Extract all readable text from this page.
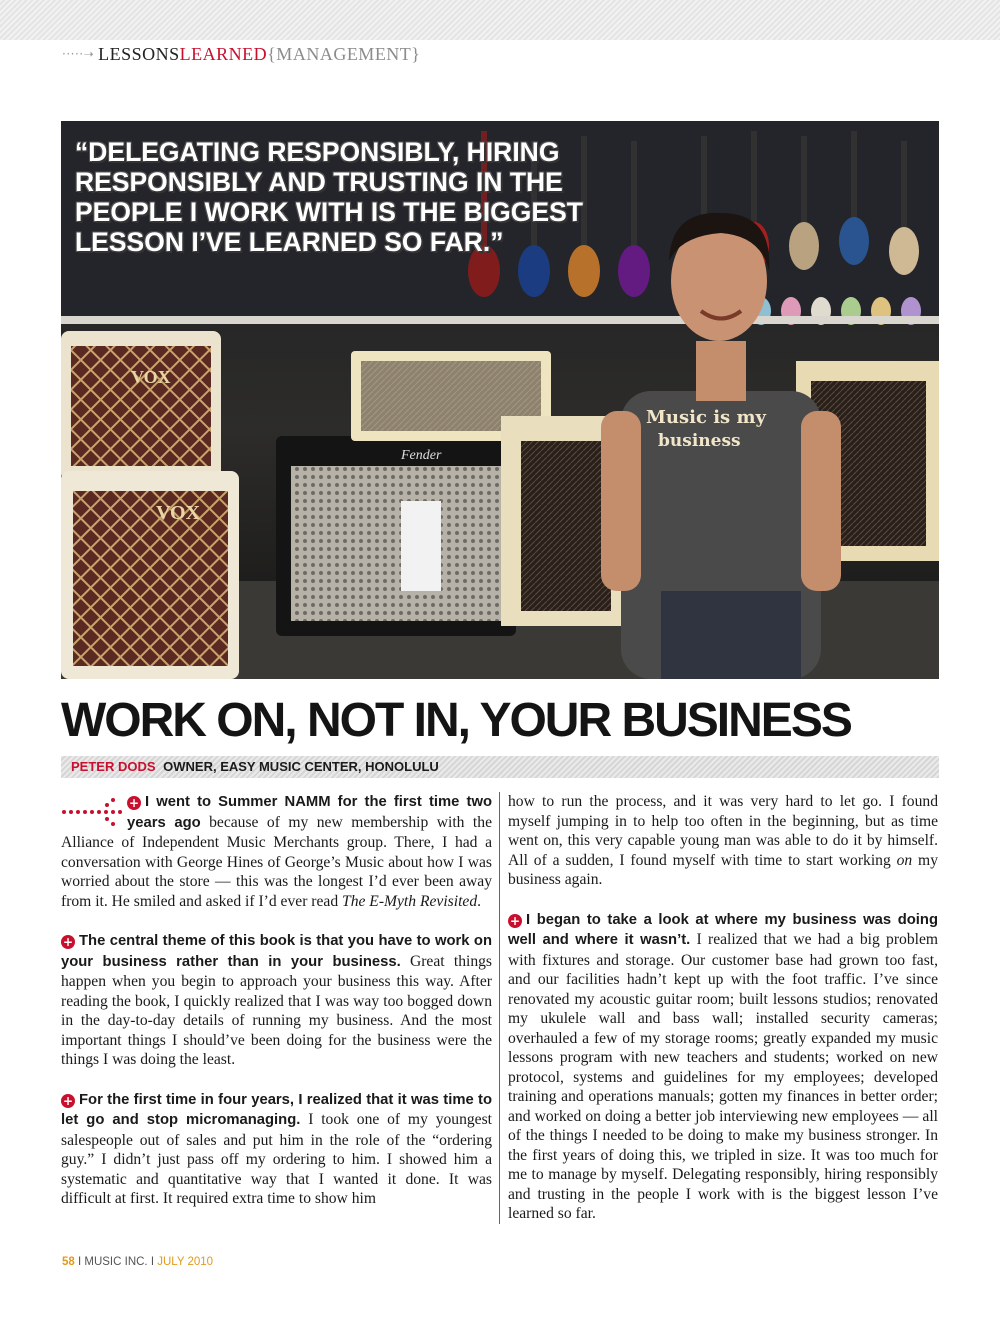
·····➝ LESSONS LEARNED {MANAGEMENT}
VOX
VOX
Fender
Music is my
business

“DELEGATING RESPONSIBLY, HIRING RESPONSIBLY AND TRUSTING IN THE PEOPLE I WORK WITH IS THE BIGGEST LESSON I’VE LEARNED SO FAR.”

WORK ON, NOT IN, YOUR BUSINESS
PETER DODS OWNER, EASY MUSIC CENTER, HONOLULU

+ I went to Summer NAMM for the first time two years ago because of my new membership with the Alliance of Independent Music Merchants group. There, I had a conversation with George Hines of George’s Music about how I was worried about the store — this was the longest I’d ever been away from it. He smiled and asked if I’d ever read The E-Myth Revisited.

+ The central theme of this book is that you have to work on your business rather than in your business. Great things happen when you begin to approach your business this way. After reading the book, I quickly realized that I was way too bogged down in the day-to-day details of running my business. And the most important things I should’ve been doing for the business were the things I was doing the least.

+ For the first time in four years, I realized that it was time to let go and stop micromanaging. I took one of my youngest salespeople out of sales and put him in the role of the “ordering guy.” I didn’t just pass off my ordering to him. I showed him a systematic and quantitative way that I wanted it done. It was difficult at first. It required extra time to show him

how to run the process, and it was very hard to let go. I found myself jumping in to help too often in the beginning, but as time went on, this very capable young man was able to do it by himself. All of a sudden, I found myself with time to start working on my business again.

+ I began to take a look at where my business was doing well and where it wasn’t. I realized that we had a big problem with fixtures and storage. Our customer base had grown too fast, and our facilities hadn’t kept up with the foot traffic. I’ve since renovated my acoustic guitar room; built lessons studios; renovated my ukulele wall and bass wall; installed security cameras; overhauled a few of my storage rooms; greatly expanded my music lessons program with new teachers and students; worked on new protocol, systems and guidelines for my employees; developed training and operations manuals; gotten my finances in better order; and worked on doing a better job interviewing new employees — all of the things I needed to be doing to make my business stronger. In the first years of doing this, we tripled in size. It was too much for me to manage by myself. Delegating responsibly, hiring responsibly and trusting in the people I work with is the biggest lesson I’ve learned so far.

58 I MUSIC INC. I JULY 2010
